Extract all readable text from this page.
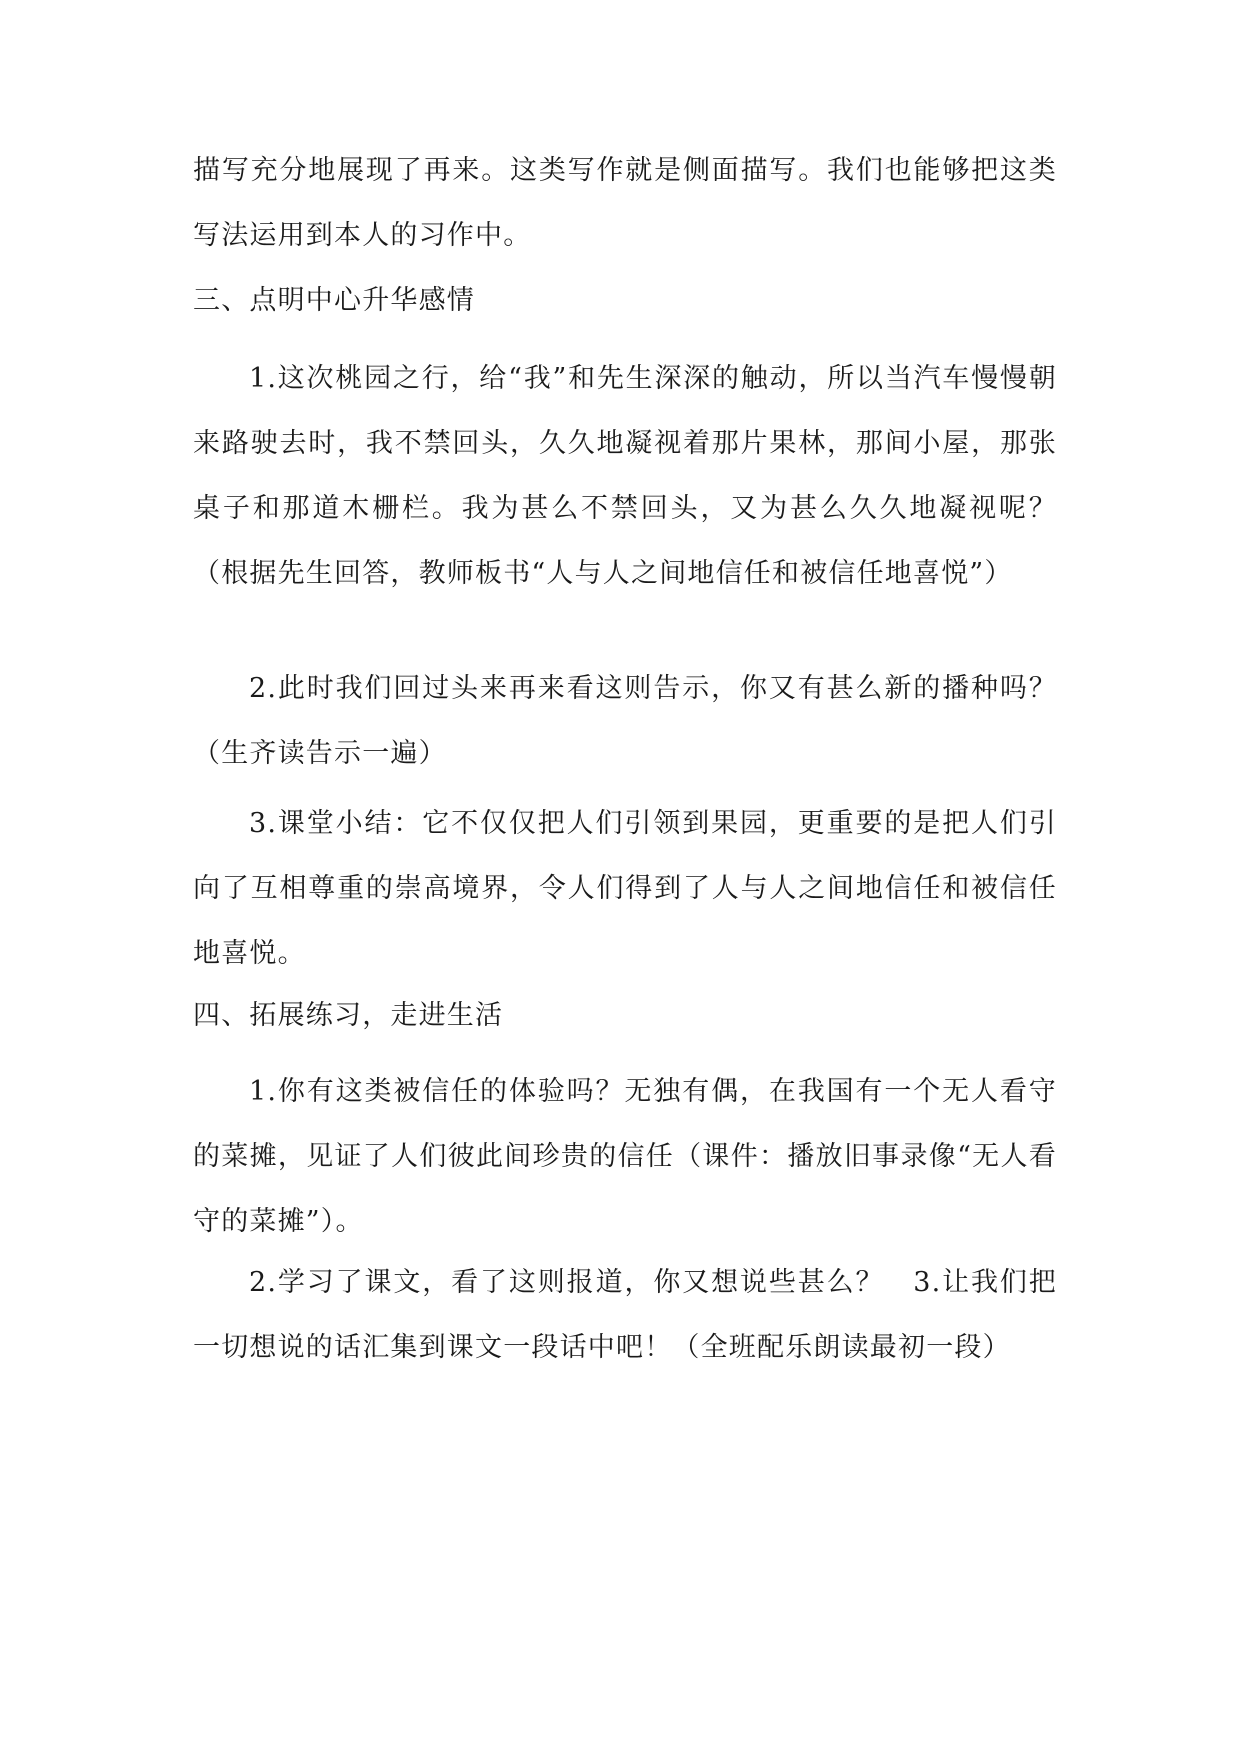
描写充分地展现了再来。这类写作就是侧面描写。我们也能够把这类写法运用到本人的习作中。

三、点明中心升华感情

1.这次桃园之行，给“我”和先生深深的触动，所以当汽车慢慢朝来路驶去时，我不禁回头，久久地凝视着那片果林，那间小屋，那张桌子和那道木栅栏。我为甚么不禁回头，又为甚么久久地凝视呢？（根据先生回答，教师板书“人与人之间地信任和被信任地喜悦”）

2.此时我们回过头来再来看这则告示，你又有甚么新的播种吗？（生齐读告示一遍）

3.课堂小结：它不仅仅把人们引领到果园，更重要的是把人们引向了互相尊重的崇高境界，令人们得到了人与人之间地信任和被信任地喜悦。

四、拓展练习，走进生活

1.你有这类被信任的体验吗？无独有偶，在我国有一个无人看守的菜摊，见证了人们彼此间珍贵的信任（课件：播放旧事录像“无人看守的菜摊”）。

2.学习了课文，看了这则报道，你又想说些甚么？　3.让我们把一切想说的话汇集到课文一段话中吧！（全班配乐朗读最初一段）
